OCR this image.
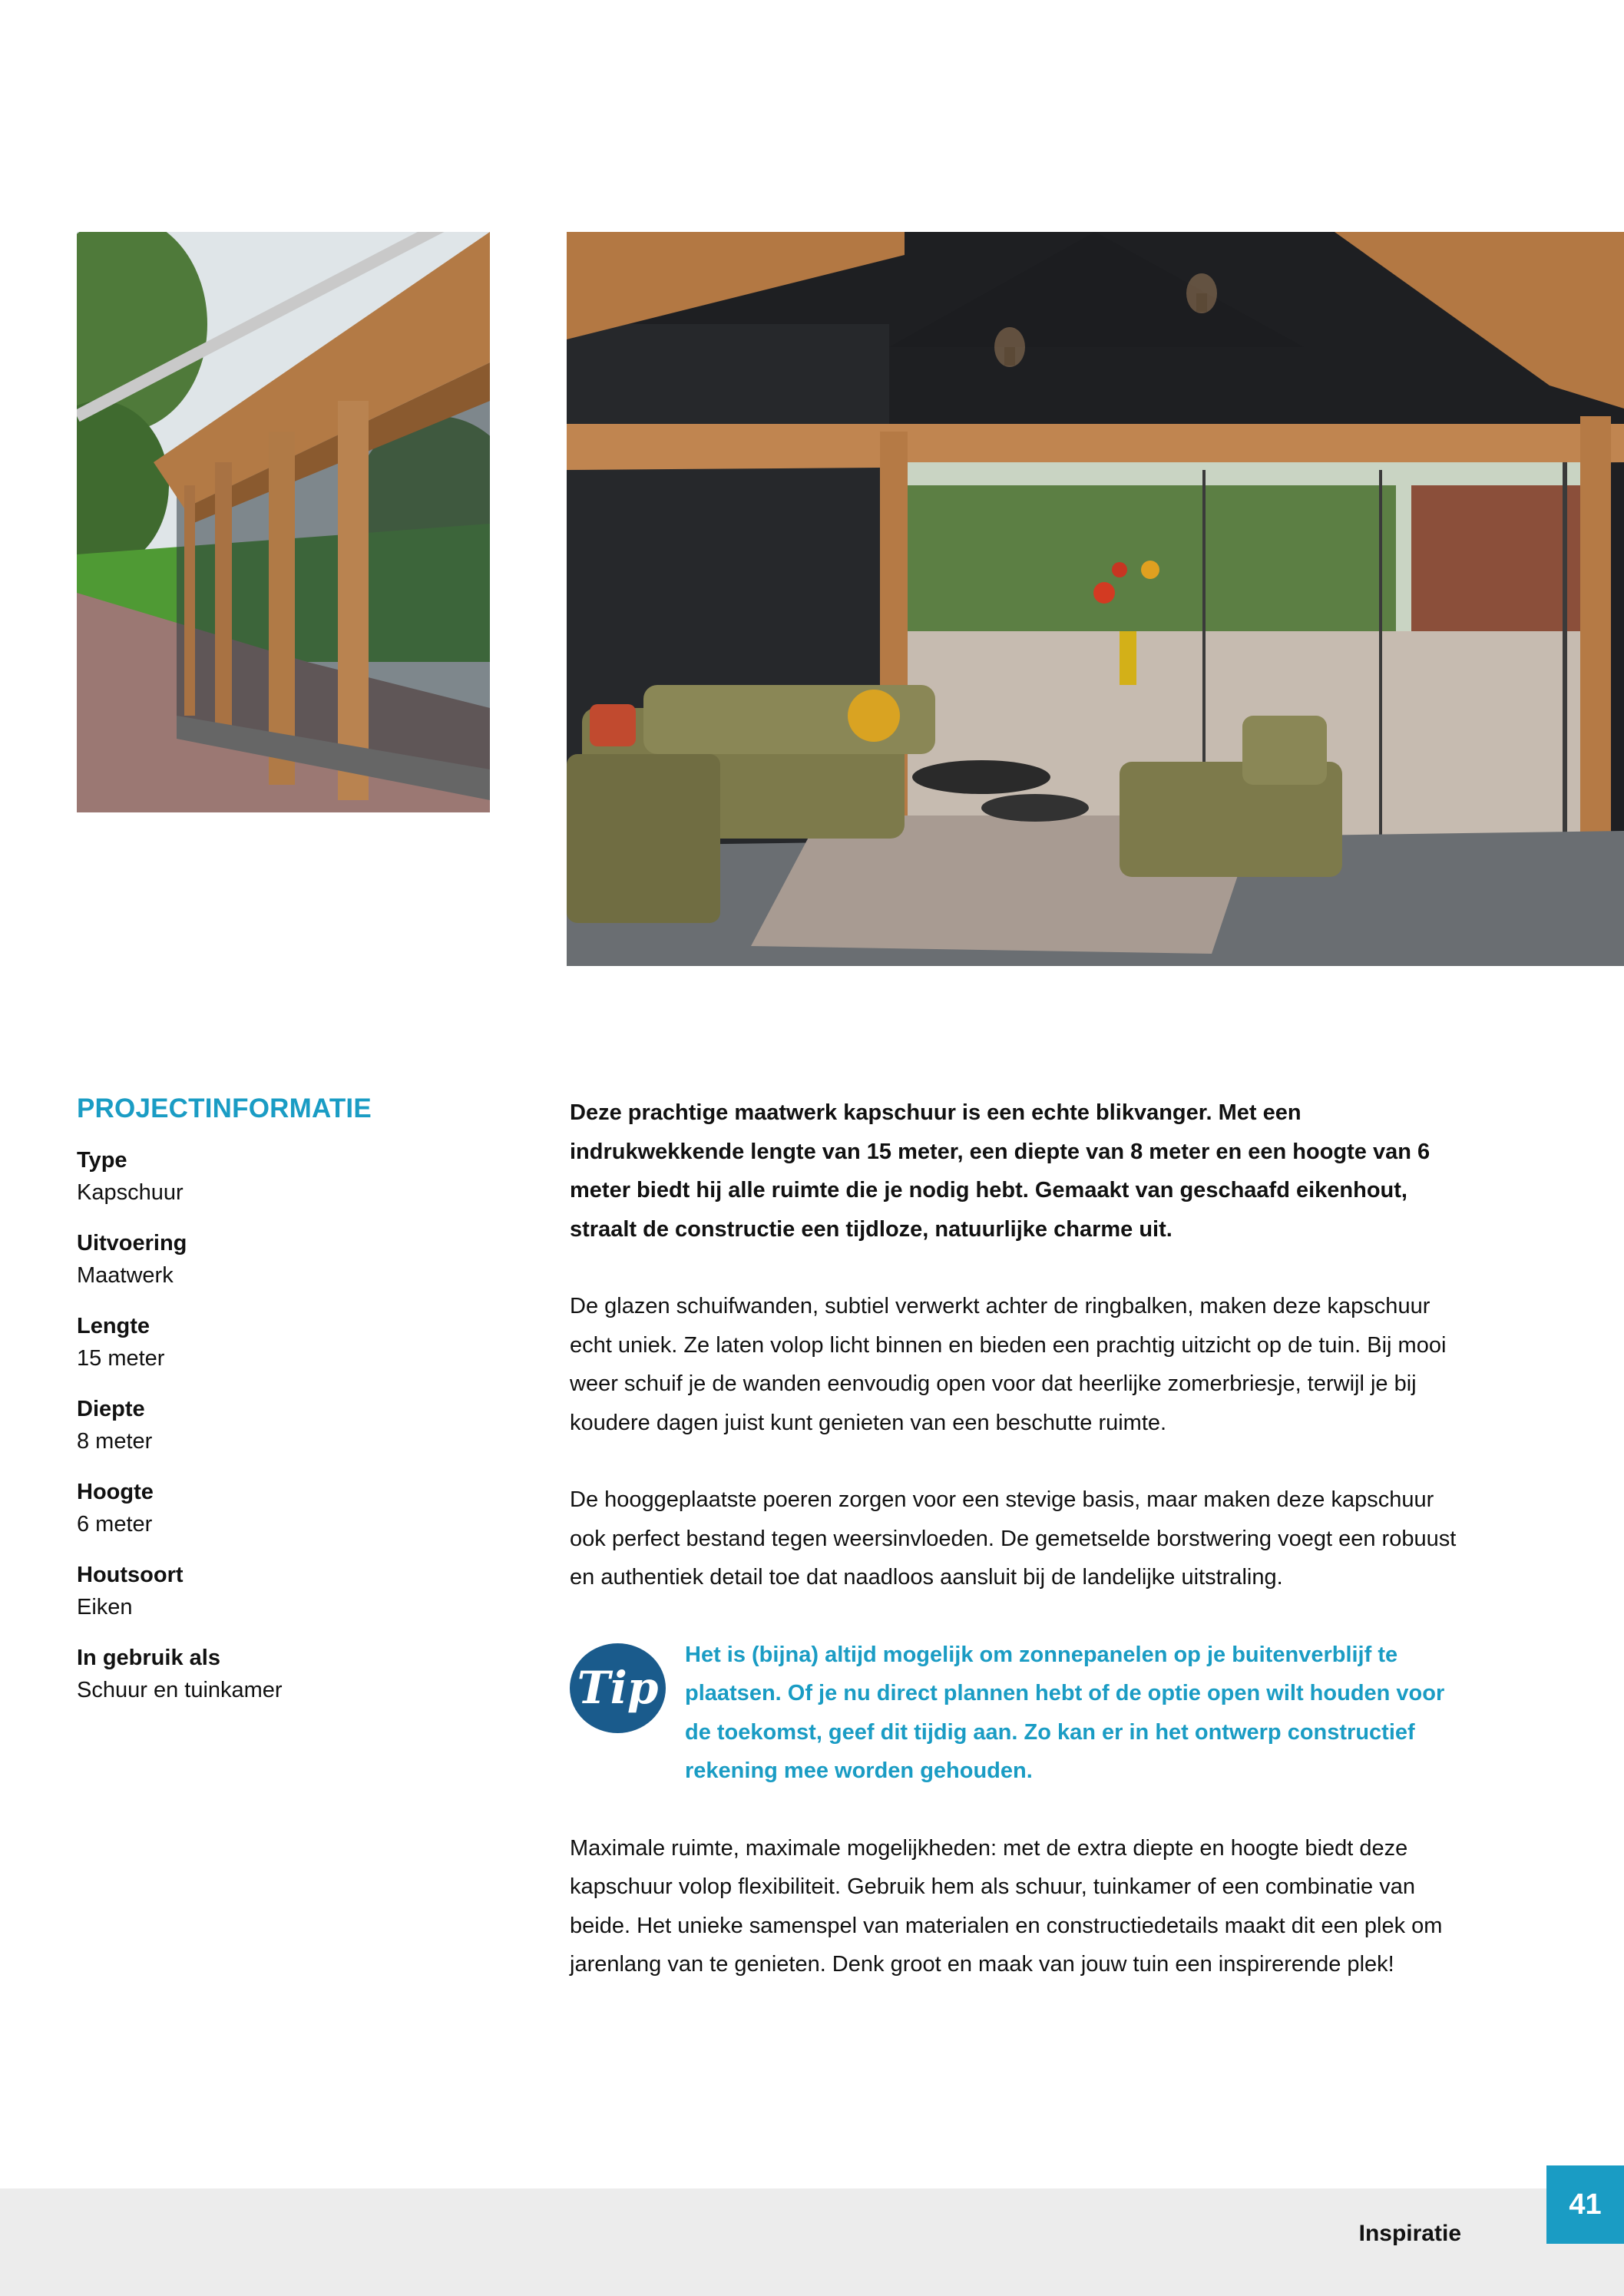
PROJECTINFORMATIE
Type
Kapschuur
Uitvoering
Maatwerk
Lengte
15 meter
Diepte
8 meter
Hoogte
6 meter
Houtsoort
Eiken
In gebruik als
Schuur en tuinkamer

Deze prachtige maatwerk kapschuur is een echte blikvanger. Met een indrukwekkende lengte van 15 meter, een diepte van 8 meter en een hoogte van 6 meter biedt hij alle ruimte die je nodig hebt. Gemaakt van geschaafd eikenhout, straalt de constructie een tijdloze, natuurlijke charme uit.

De glazen schuifwanden, subtiel verwerkt achter de ringbalken, maken deze kapschuur echt uniek. Ze laten volop licht binnen en bieden een prachtig uitzicht op de tuin. Bij mooi weer schuif je de wanden eenvoudig open voor dat heerlijke zomerbriesje, terwijl je bij koudere dagen juist kunt genieten van een beschutte ruimte.

De hooggeplaatste poeren zorgen voor een stevige basis, maar maken deze kapschuur ook perfect bestand tegen weersinvloeden. De gemetselde borstwering voegt een robuust en authentiek detail toe dat naadloos aansluit bij de landelijke uitstraling.

Tip

Het is (bijna) altijd mogelijk om zonnepanelen op je buitenverblijf te plaatsen. Of je nu direct plannen hebt of de optie open wilt houden voor de toekomst, geef dit tijdig aan. Zo kan er in het ontwerp constructief rekening mee worden gehouden.

Maximale ruimte, maximale mogelijkheden: met de extra diepte en hoogte biedt deze kapschuur volop flexibiliteit. Gebruik hem als schuur, tuinkamer of een combinatie van beide. Het unieke samenspel van materialen en constructiedetails maakt dit een plek om jarenlang van te genieten. Denk groot en maak van jouw tuin een inspirerende plek!

Inspiratie
41
